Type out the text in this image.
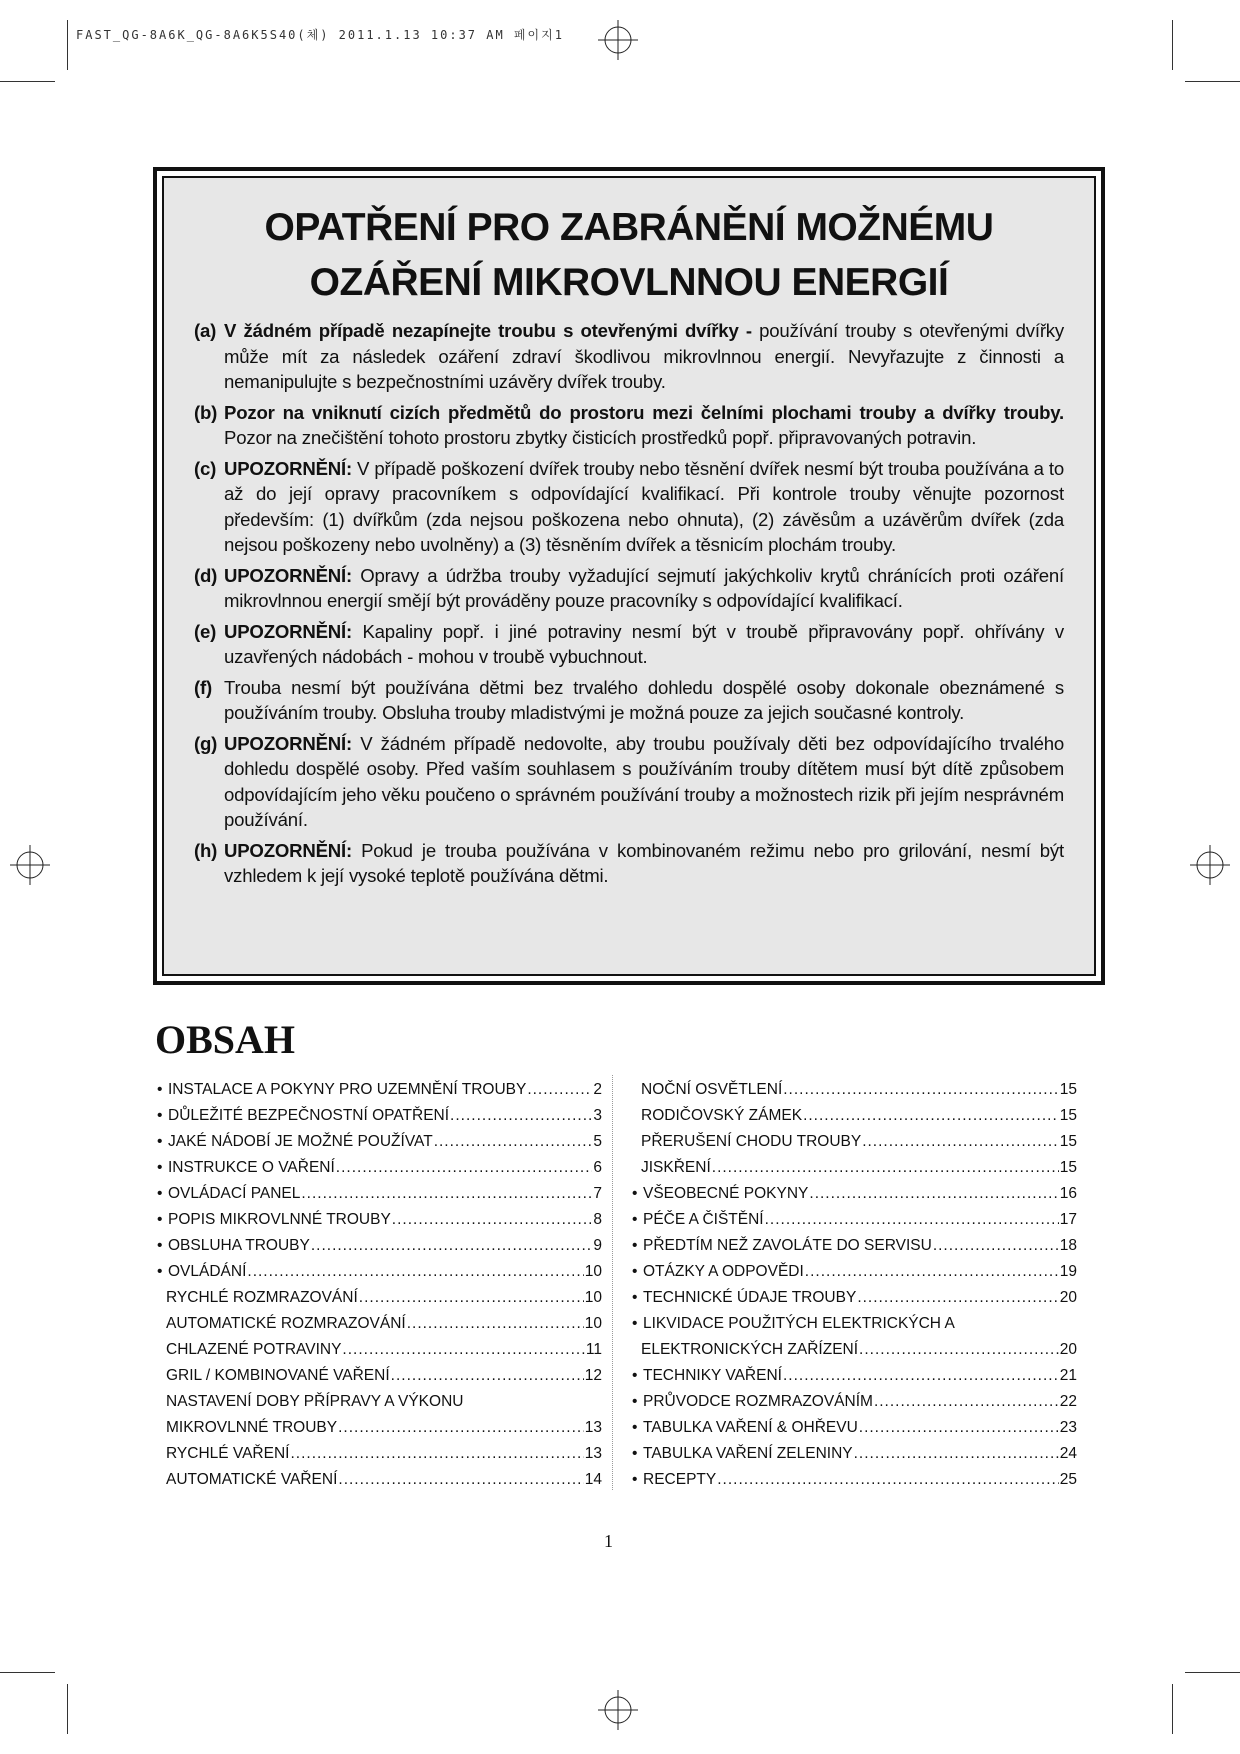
FAST_QG-8A6K_QG-8A6K5S40(체) 2011.1.13 10:37 AM 페이지1
OPATŘENÍ PRO ZABRÁNĚNÍ MOŽNÉMU
OZÁŘENÍ MIKROVLNNOU ENERGIÍ
(a) V žádném případě nezapínejte troubu s otevřenými dvířky - používání trouby s otevřenými dvířky může mít za následek ozáření zdraví škodlivou mikrovlnnou energií. Nevyřazujte z činnosti a nemanipulujte s bezpečnostními uzávěry dvířek trouby.
(b) Pozor na vniknutí cizích předmětů do prostoru mezi čelními plochami trouby a dvířky trouby. Pozor na znečištění tohoto prostoru zbytky čisticích prostředků popř. připravovaných potravin.
(c) UPOZORNĚNÍ: V případě poškození dvířek trouby nebo těsnění dvířek nesmí být trouba používána a to až do její opravy pracovníkem s odpovídající kvalifikací. Při kontrole trouby věnujte pozornost především: (1) dvířkům (zda nejsou poškozena nebo ohnuta), (2) závěsům a uzávěrům dvířek (zda nejsou poškozeny nebo uvolněny) a (3) těsněním dvířek a těsnicím plochám trouby.
(d) UPOZORNĚNÍ: Opravy a údržba trouby vyžadující sejmutí jakýchkoliv krytů chránících proti ozáření mikrovlnnou energií smějí být prováděny pouze pracovníky s odpovídající kvalifikací.
(e) UPOZORNĚNÍ: Kapaliny popř. i jiné potraviny nesmí být v troubě připravovány popř. ohřívány v uzavřených nádobách - mohou v troubě vybuchnout.
(f) Trouba nesmí být používána dětmi bez trvalého dohledu dospělé osoby dokonale obeznámené s používáním trouby. Obsluha trouby mladistvými je možná pouze za jejich současné kontroly.
(g) UPOZORNĚNÍ: V žádném případě nedovolte, aby troubu používaly děti bez odpovídajícího trvalého dohledu dospělé osoby. Před vaším souhlasem s používáním trouby dítětem musí být dítě způsobem odpovídajícím jeho věku poučeno o správném používání trouby a možnostech rizik při jejím nesprávném používání.
(h) UPOZORNĚNÍ: Pokud je trouba používána v kombinovaném režimu nebo pro grilování, nesmí být vzhledem k její vysoké teplotě používána dětmi.
OBSAH
• INSTALACE A POKYNY PRO UZEMNĚNÍ TROUBY .....	2
• DŮLEŽITÉ BEZPEČNOSTNÍ OPATŘENÍ .....	3
• JAKÉ NÁDOBÍ JE MOŽNÉ POUŽÍVAT .....	5
• INSTRUKCE O VAŘENÍ .....	6
• OVLÁDACÍ PANEL .....	7
• POPIS MIKROVLNNÉ TROUBY .....	8
• OBSLUHA TROUBY .....	9
• OVLÁDÁNÍ .....	10
RYCHLÉ ROZMRAZOVÁNÍ .....	10
AUTOMATICKÉ ROZMRAZOVÁNÍ .....	10
CHLAZENÉ POTRAVINY .....	11
GRIL / KOMBINOVANÉ VAŘENÍ .....	12
NASTAVENÍ DOBY PŘÍPRAVY A VÝKONU
MIKROVLNNÉ TROUBY .....	13
RYCHLÉ VAŘENÍ .....	13
AUTOMATICKÉ VAŘENÍ .....	14
NOČNÍ OSVĚTLENÍ .....	15
RODIČOVSKÝ ZÁMEK .....	15
PŘERUŠENÍ CHODU TROUBY .....	15
JISKŘENÍ .....	15
• VŠEOBECNÉ POKYNY .....	16
• PÉČE A ČIŠTĚNÍ .....	17
• PŘEDTÍM NEŽ ZAVOLÁTE DO SERVISU .....	18
• OTÁZKY A ODPOVĚDI .....	19
• TECHNICKÉ ÚDAJE TROUBY .....	20
• LIKVIDACE POUŽITÝCH ELEKTRICKÝCH A
ELEKTRONICKÝCH ZAŘÍZENÍ .....	20
• TECHNIKY VAŘENÍ .....	21
• PRŮVODCE ROZMRAZOVÁNÍM .....	22
• TABULKA VAŘENÍ & OHŘEVU .....	23
• TABULKA VAŘENÍ ZELENINY .....	24
• RECEPTY .....	25
1
